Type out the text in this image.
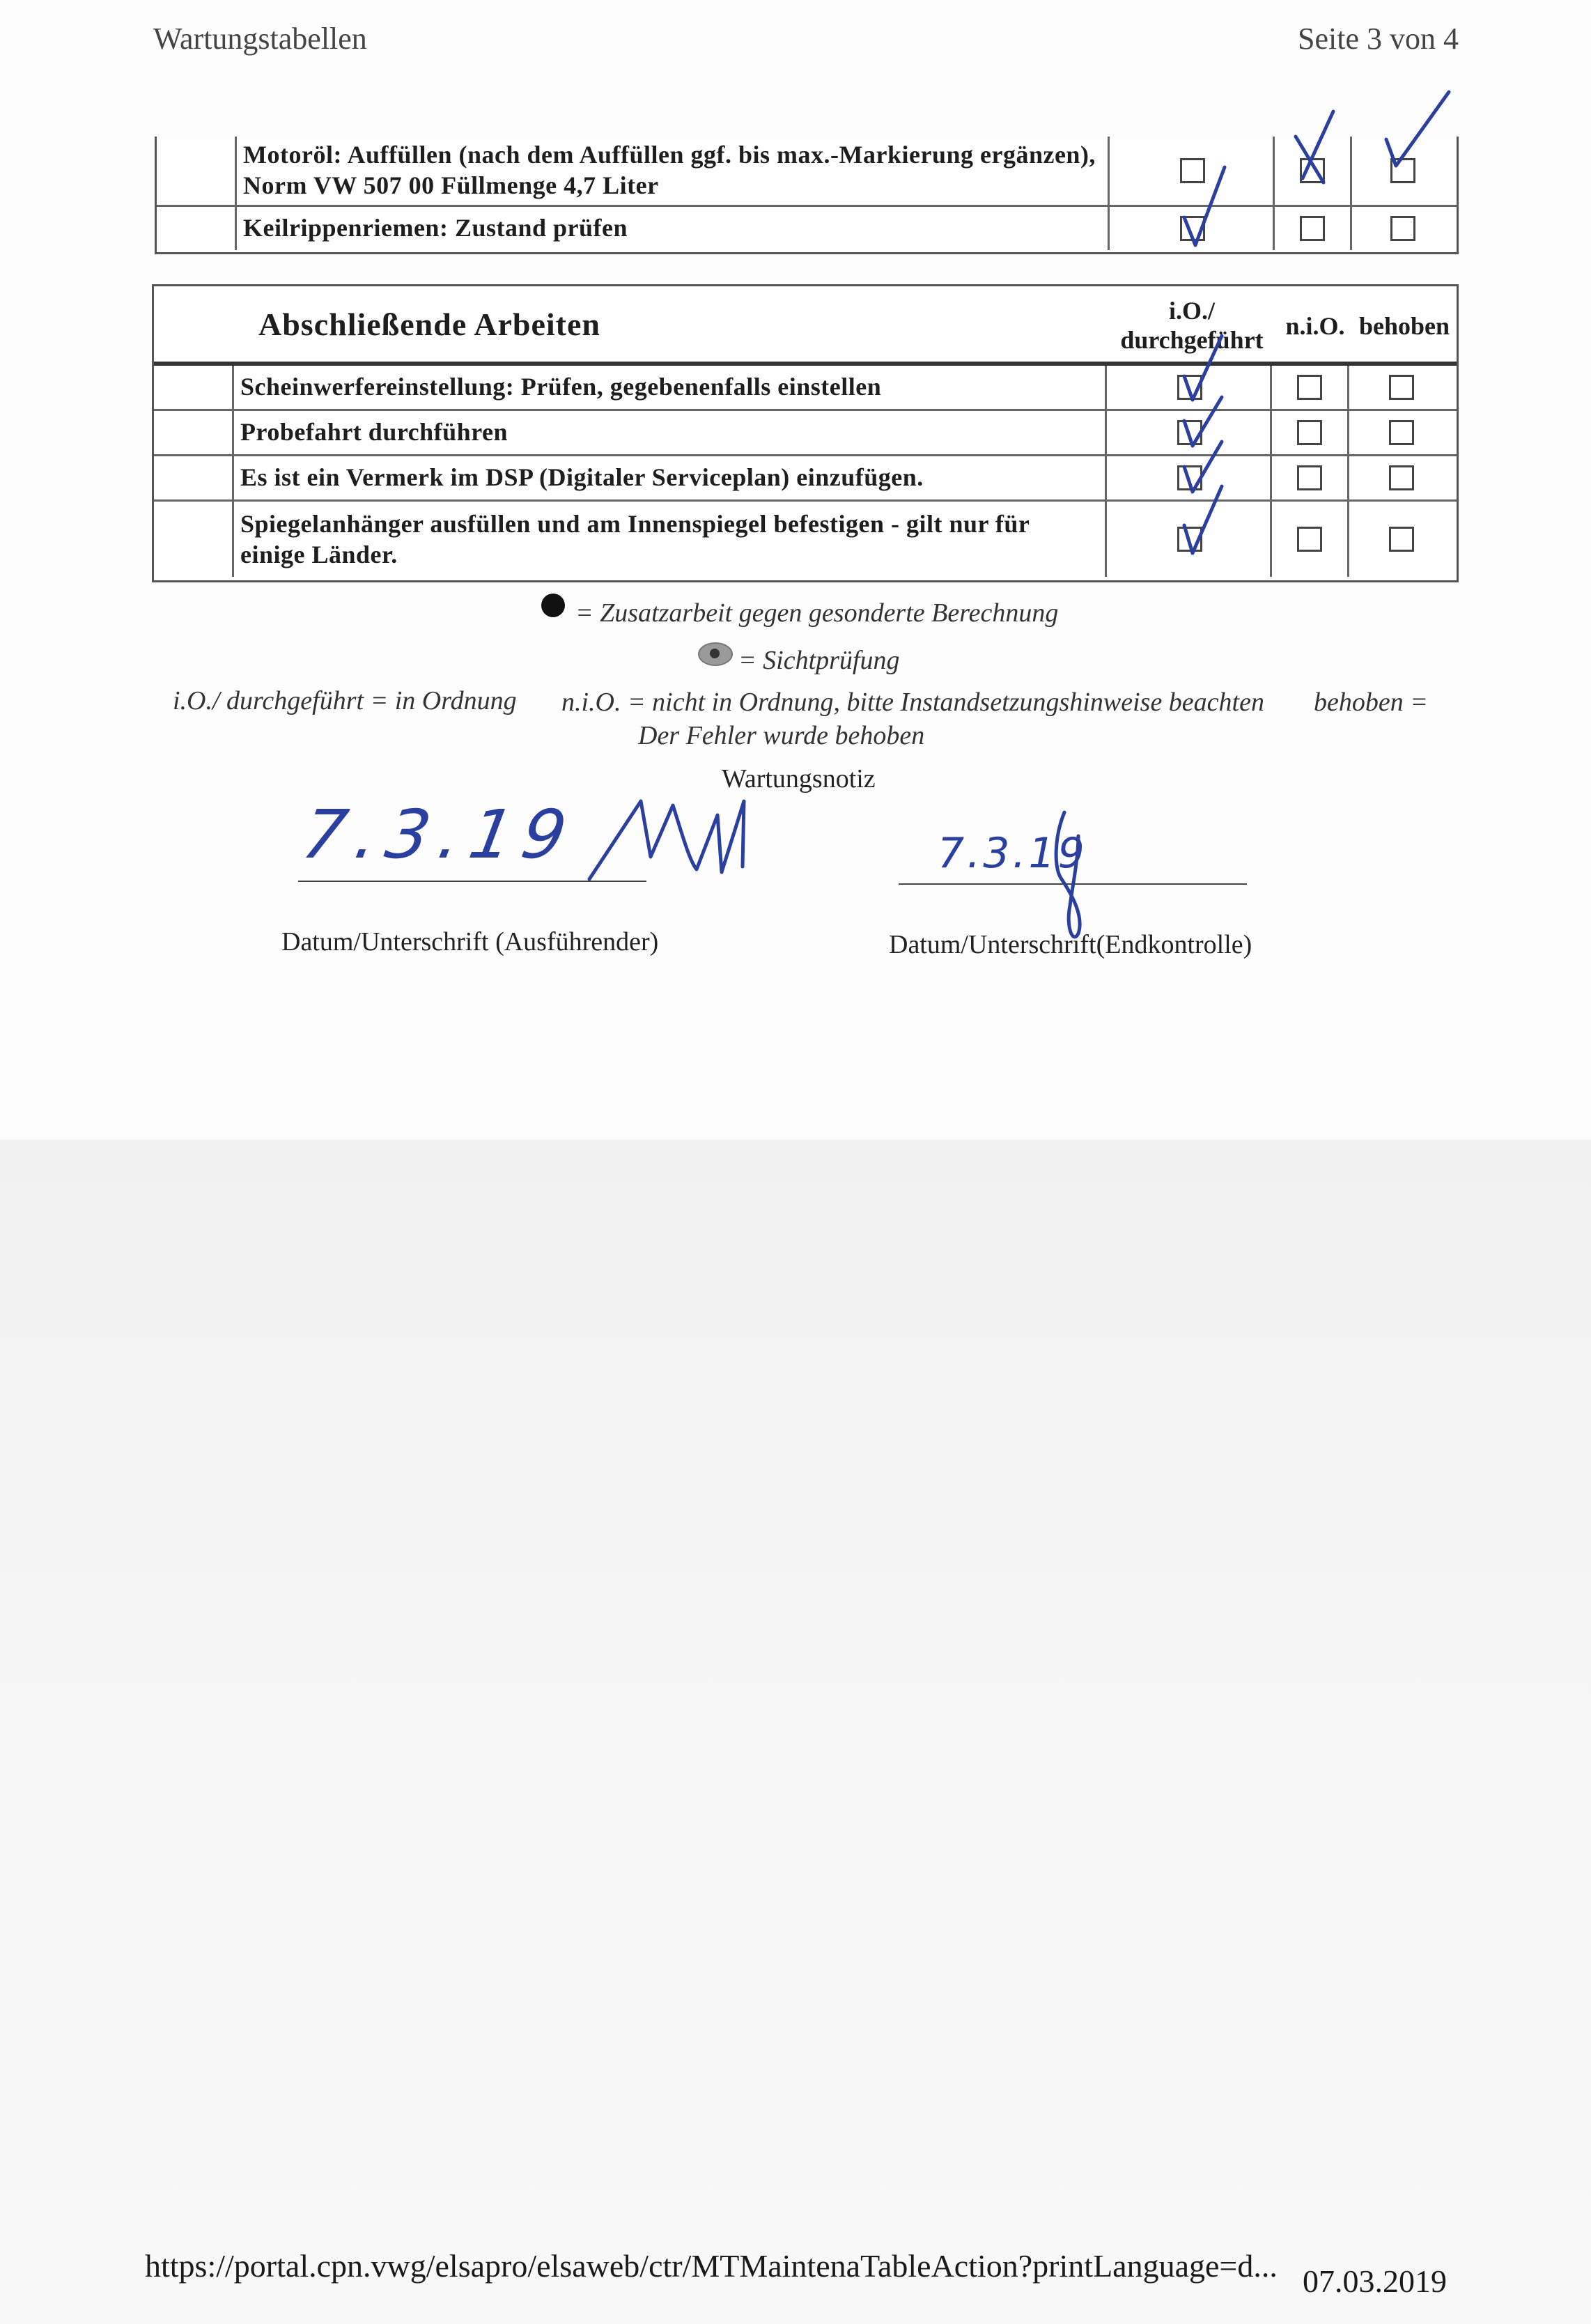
Wartungstabellen	Seite 3 von 4
Motoröl: Auffüllen (nach dem Auffüllen ggf. bis max.-Markierung ergänzen), Norm VW 507 00 Füllmenge 4,7 Liter
Keilrippenriemen: Zustand prüfen
Abschließende Arbeiten	i.O./ durchgeführt n.i.O. behoben
Scheinwerfereinstellung: Prüfen, gegebenenfalls einstellen
Probefahrt durchführen
Es ist ein Vermerk im DSP (Digitaler Serviceplan) einzufügen.
Spiegelanhänger ausfüllen und am Innenspiegel befestigen - gilt nur für einige Länder.
= Zusatzarbeit gegen gesonderte Berechnung
= Sichtprüfung
i.O./ durchgeführt = in Ordnung n.i.O. = nicht in Ordnung, bitte Instandsetzungshinweise beachten behoben =
Der Fehler wurde behoben
Wartungsnotiz
7.3.19
Datum/Unterschrift (Ausführender)
7.3.19
Datum/Unterschrift(Endkontrolle)
https://portal.cpn.vwg/elsapro/elsaweb/ctr/MTMaintenaTableAction?printLanguage=d... 07.03.2019
